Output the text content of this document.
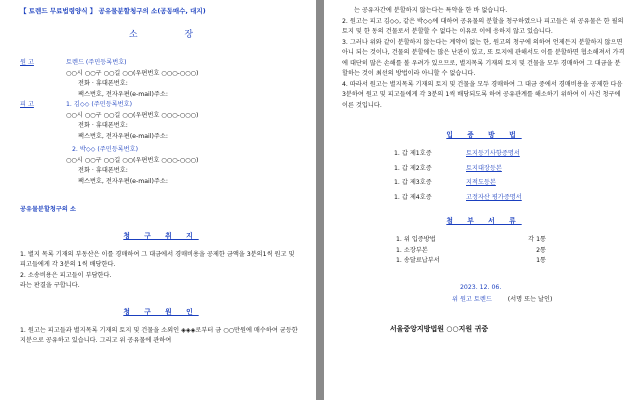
【 토렌드 무료법령양식 】 공유물분할청구의 소(공동매수, 대지)
소 장
원 고	토렌드 (주민등록번호)
○○시 ○○구 ○○길 ○○(우편번호 ○○○-○○○)
전화 · 휴대폰번호:
팩스번호, 전자우편(e-mail)주소:
피 고	1. 김◇◇ (주민등록번호)
○○시 ○○구 ○○길 ○○(우편번호 ○○○-○○○)
전화 · 휴대폰번호:
팩스번호, 전자우편(e-mail)주소:
2. 박◇◇ (주민등록번호)
○○시 ○○구 ○○길 ○○(우편번호 ○○○-○○○)
전화 · 휴대폰번호:
팩스번호, 전자우편(e-mail)주소:
공유물분할청구의 소
청 구 취 지
1. 별지 목록 기재의 부동산은 이를 경매하여 그 대금에서 경매비용을 공제한 금액을 3분의1씩 원고 및 피고들에게 각 3분의 1씩 배당한다.
2. 소송비용은 피고들이 부담한다.
라는 판결을 구합니다.
청 구 원 인
1. 원고는 피고들과 별지목록 기재의 토지 및 건물을 소외인 ◈◈◈로부터 금 ○○만원에 매수하여 균등한 지분으로 공유하고 있습니다. 그리고 위 공유물에 관하여
는 공유자간에 분할하지 않는다는 특약을 한 바 없습니다.
2. 원고는 피고 김◇◇, 같은 박◇◇에 대하여 공유물의 분할을 청구하였으나 피고들은 위 공유물은 한 필의 토지 및 한 동의 건물로서 분할할 수 없다는 이유로 이에 응하지 않고 있습니다.
3. 그러나 위와 같이 분할하지 않는다는 계약이 없는 한, 원고의 청구에 의하여 언제든지 분할하지 않으면 아니 되는 것이나, 건물의 분할에는 많은 난관이 있고, 또 토지에 관해서도 이를 분할하면 협소해져서 가격에 대단히 많은 손해를 볼 우려가 있으므로, 별지목록 기재의 토지 및 건물을 모두 경매하여 그 대금을 분할하는 것이 최선의 방법이라 아니할 수 없습니다.
4. 따라서 원고는 별지목록 기재의 토지 및 건물을 모두 경매하여 그 대금 중에서 경매비용을 공제한 다음 3분하여 원고 및 피고들에게 각 3분의 1씩 배당되도록 하여 공유관계를 해소하기 위하여 이 사건 청구에 이른 것입니다.
입 증 방 법
1. 갑 제1호증	토지등기사항증명서
1. 갑 제2호증	토지대장등본
1. 갑 제3호증	지적도등본
1. 갑 제4호증	고정자산 평가증명서
첨 부 서 류
1. 위 입증방법	각 1통
1. 소장부본	2통
1. 송달료납부서	1통
2023. 12. 06.
위 원고 토렌드	(서명 또는 날인)
서울중앙지방법원 ○○지원 귀중
